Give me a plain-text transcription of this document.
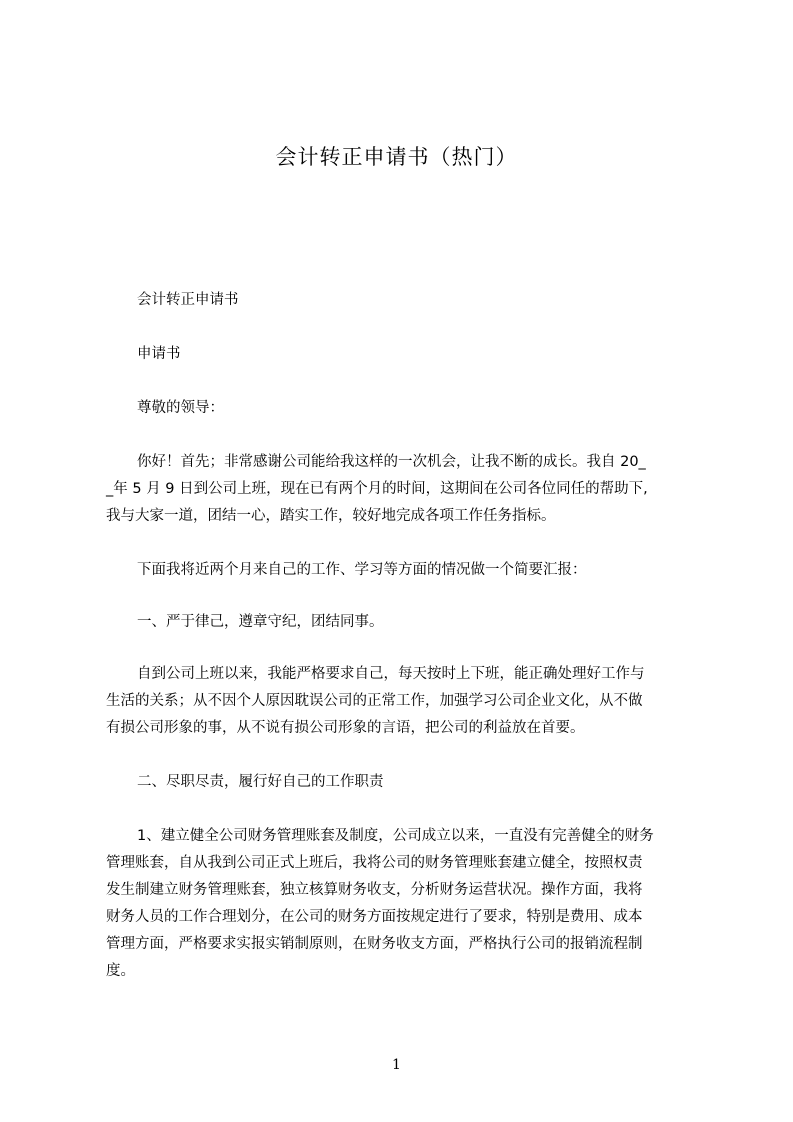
会计转正申请书（热门）
会计转正申请书
申请书
尊敬的领导：
你好！首先；非常感谢公司能给我这样的一次机会，让我不断的成长。我自 20_
_年 5 月 9 日到公司上班，现在已有两个月的时间，这期间在公司各位同任的帮助下,
我与大家一道，团结一心，踏实工作，较好地完成各项工作任务指标。
下面我将近两个月来自己的工作、学习等方面的情况做一个简要汇报：
一、严于律己，遵章守纪，团结同事。
自到公司上班以来，我能严格要求自己，每天按时上下班，能正确处理好工作与
生活的关系；从不因个人原因耽误公司的正常工作，加强学习公司企业文化，从不做
有损公司形象的事，从不说有损公司形象的言语，把公司的利益放在首要。
二、尽职尽责，履行好自己的工作职责
1、建立健全公司财务管理账套及制度，公司成立以来，一直没有完善健全的财务
管理账套，自从我到公司正式上班后，我将公司的财务管理账套建立健全，按照权责
发生制建立财务管理账套，独立核算财务收支，分析财务运营状况。操作方面，我将
财务人员的工作合理划分，在公司的财务方面按规定进行了要求，特别是费用、成本
管理方面，严格要求实报实销制原则，在财务收支方面，严格执行公司的报销流程制
度。
1
